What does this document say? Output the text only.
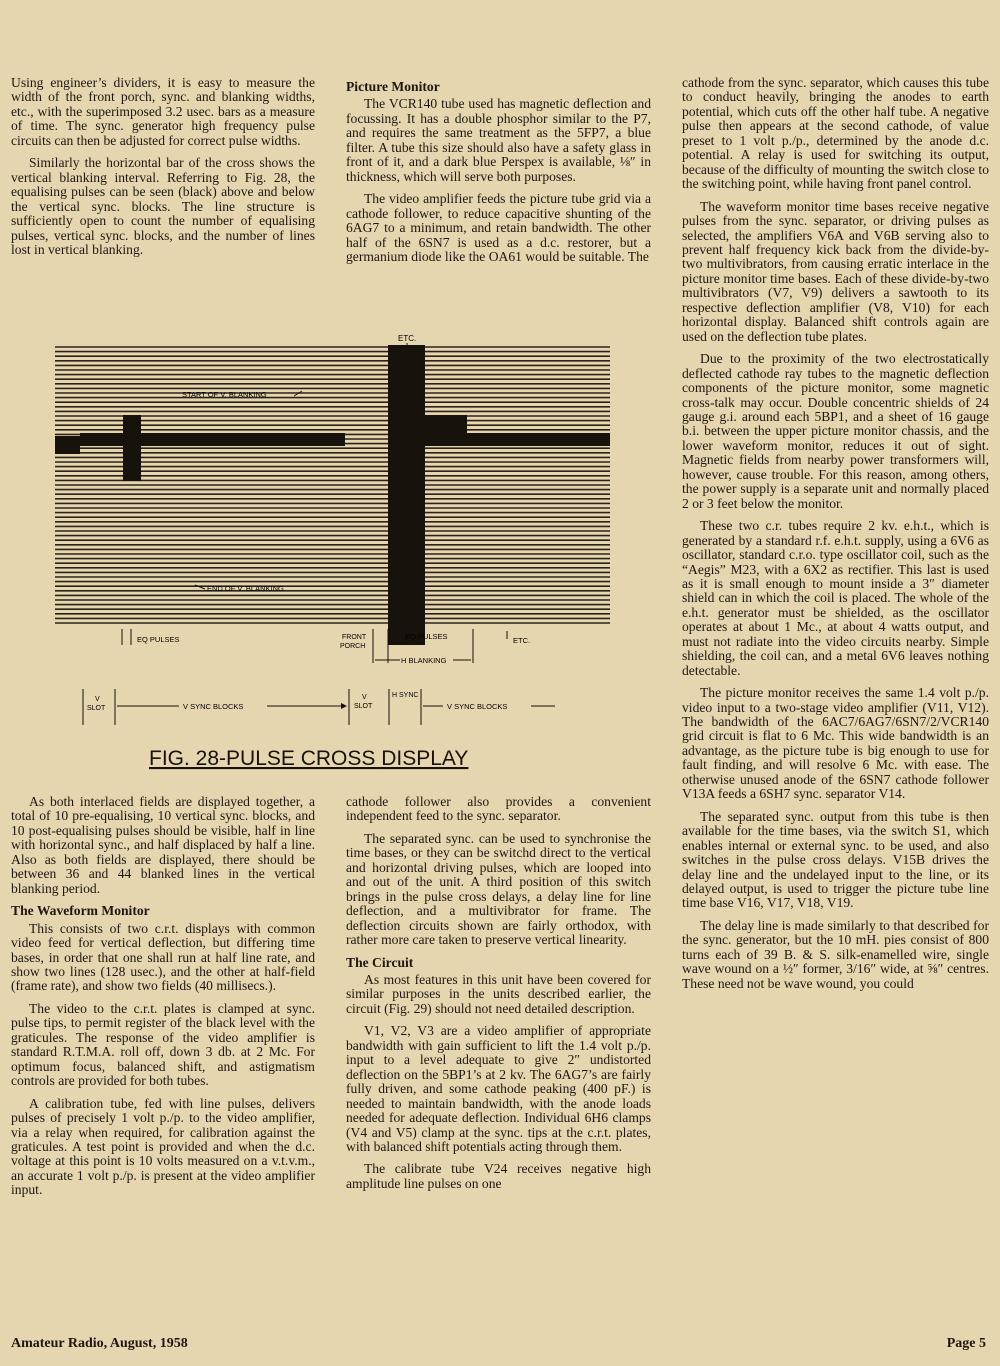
Using engineer’s dividers, it is easy to measure the width of the front porch, sync. and blanking widths, etc., with the superimposed 3.2 usec. bars as a measure of time. The sync. generator high frequency pulse circuits can then be adjusted for correct pulse widths.

Similarly the horizontal bar of the cross shows the vertical blanking interval. Referring to Fig. 28, the equalising pulses can be seen (black) above and below the vertical sync. blocks. The line structure is sufficiently open to count the number of equalising pulses, vertical sync. blocks, and the number of lines lost in vertical blanking.

Picture Monitor

The VCR140 tube used has magnetic deflection and focussing. It has a double phosphor similar to the P7, and requires the same treatment as the 5FP7, a blue filter. A tube this size should also have a safety glass in front of it, and a dark blue Perspex is available, ⅛″ in thickness, which will serve both purposes.

The video amplifier feeds the picture tube grid via a cathode follower, to reduce capacitive shunting of the 6AG7 to a minimum, and retain bandwidth. The other half of the 6SN7 is used as a d.c. restorer, but a germanium diode like the OA61 would be suitable. The

cathode from the sync. separator, which causes this tube to conduct heavily, bringing the anodes to earth potential, which cuts off the other half tube. A negative pulse then appears at the second cathode, of value preset to 1 volt p./p., determined by the anode d.c. potential. A relay is used for switching its output, because of the difficulty of mounting the switch close to the switching point, while having front panel control.

The waveform monitor time bases receive negative pulses from the sync. separator, or driving pulses as selected, the amplifiers V6A and V6B serving also to prevent half frequency kick back from the divide-by-two multivibrators, from causing erratic interlace in the picture monitor time bases. Each of these divide-by-two multivibrators (V7, V9) delivers a sawtooth to its respective deflection amplifier (V8, V10) for each horizontal display. Balanced shift controls again are used on the deflection tube plates.

Due to the proximity of the two electrostatically deflected cathode ray tubes to the magnetic deflection components of the picture monitor, some magnetic cross-talk may occur. Double concentric shields of 24 gauge g.i. around each 5BP1, and a sheet of 16 gauge b.i. between the upper picture monitor chassis, and the lower waveform monitor, reduces it out of sight. Magnetic fields from nearby power transformers will, however, cause trouble. For this reason, among others, the power supply is a separate unit and normally placed 2 or 3 feet below the monitor.

These two c.r. tubes require 2 kv. e.h.t., which is generated by a standard r.f. e.h.t. supply, using a 6V6 as oscillator, standard c.r.o. type oscillator coil, such as the “Aegis” M23, with a 6X2 as rectifier. This last is used as it is small enough to mount inside a 3″ diameter shield can in which the coil is placed. The whole of the e.h.t. generator must be shielded, as the oscillator operates at about 1 Mc., at about 4 watts output, and must not radiate into the video circuits nearby. Simple shielding, the coil can, and a metal 6V6 leaves nothing detectable.

The picture monitor receives the same 1.4 volt p./p. video input to a two-stage video amplifier (V11, V12). The bandwidth of the 6AC7/6AG7/6SN7/2/VCR140 grid circuit is flat to 6 Mc. This wide bandwidth is an advantage, as the picture tube is big enough to use for fault finding, and will resolve 6 Mc. with ease. The otherwise unused anode of the 6SN7 cathode follower V13A feeds a 6SH7 sync. separator V14.

The separated sync. output from this tube is then available for the time bases, via the switch S1, which enables internal or external sync. to be used, and also switches in the pulse cross delays. V15B drives the delay line and the undelayed input to the line, or its delayed output, is used to trigger the picture tube line time base V16, V17, V18, V19.

The delay line is made similarly to that described for the sync. generator, but the 10 mH. pies consist of 800 turns each of 39 B. & S. silk-enamelled wire, single wave wound on a ½″ former, 3/16″ wide, at ⅝″ centres. These need not be wave wound, you could

As both interlaced fields are displayed together, a total of 10 pre-equalising, 10 vertical sync. blocks, and 10 post-equalising pulses should be visible, half in line with horizontal sync., and half displaced by half a line. Also as both fields are displayed, there should be between 36 and 44 blanked lines in the vertical blanking period.

The Waveform Monitor

This consists of two c.r.t. displays with common video feed for vertical deflection, but differing time bases, in order that one shall run at half line rate, and show two lines (128 usec.), and the other at half-field (frame rate), and show two fields (40 millisecs.).

The video to the c.r.t. plates is clamped at sync. pulse tips, to permit register of the black level with the graticules. The response of the video amplifier is standard R.T.M.A. roll off, down 3 db. at 2 Mc. For optimum focus, balanced shift, and astigmatism controls are provided for both tubes.

A calibration tube, fed with line pulses, delivers pulses of precisely 1 volt p./p. to the video amplifier, via a relay when required, for calibration against the graticules. A test point is provided and when the d.c. voltage at this point is 10 volts measured on a v.t.v.m., an accurate 1 volt p./p. is present at the video amplifier input.

cathode follower also provides a convenient independent feed to the sync. separator.

The separated sync. can be used to synchronise the time bases, or they can be switchd direct to the vertical and horizontal driving pulses, which are looped into and out of the unit. A third position of this switch brings in the pulse cross delays, a delay line for line deflection, and a multivibrator for frame. The deflection circuits shown are fairly orthodox, with rather more care taken to preserve vertical linearity.

The Circuit

As most features in this unit have been covered for similar purposes in the units described earlier, the circuit (Fig. 29) should not need detailed description.

V1, V2, V3 are a video amplifier of appropriate bandwidth with gain sufficient to lift the 1.4 volt p./p. input to a level adequate to give 2″ undistorted deflection on the 5BP1’s at 2 kv. The 6AG7’s are fairly fully driven, and some cathode peaking (400 pF.) is needed to maintain bandwidth, with the anode loads needed for adequate deflection. Individual 6H6 clamps (V4 and V5) clamp at the sync. tips at the c.r.t. plates, with balanced shift potentials acting through them.

The calibrate tube V24 receives negative high amplitude line pulses on one

ETC.
START OF V. BLANKING
END OF V. BLANKING
EQ PULSES	FRONT
PORCH
EQ PULSES	ETC.
H BLANKING
V
SLOT	V SYNC BLOCKS
V
SLOT
H SYNC
V SYNC BLOCKS
FIG. 28-PULSE CROSS DISPLAY
Amateur Radio, August, 1958	Page 5
